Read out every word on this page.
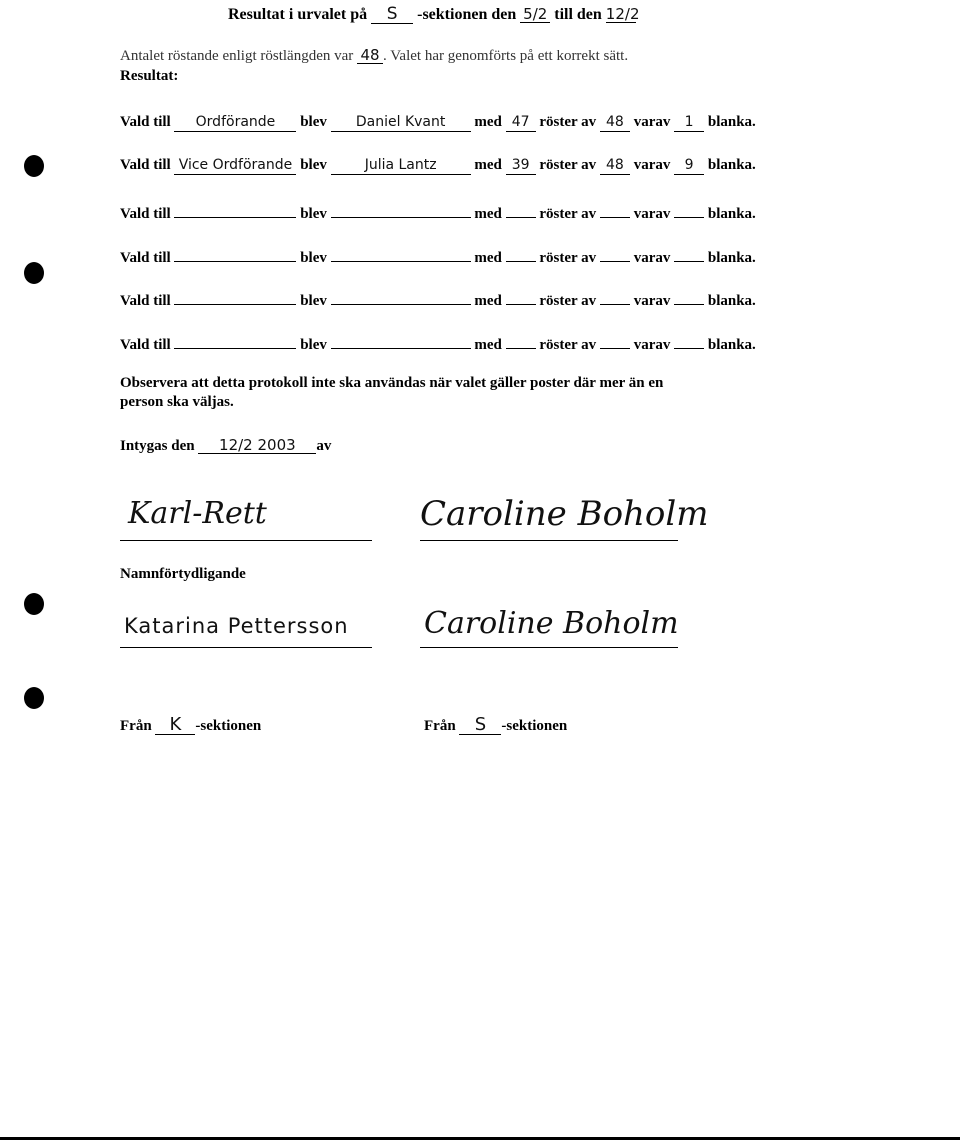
Resultat i urvalet på S -sektionen den 5/2 till den 12/2
Antalet röstande enligt röstlängden var 48 . Valet har genomförts på ett korrekt sätt.
Resultat:
Vald till Ordförande blev Daniel Kvant med 47 röster av 48 varav 1 blanka.
Vald till Vice Ordförande blev	Julia Lantz	med 39 röster av 48 varav 9 blanka.
Vald till	blev	med	röster av	varav	blanka.
Vald till	blev	med	röster av	varav	blanka.
Vald till	blev	med	röster av	varav	blanka.
Vald till	blev	med	röster av	varav	blanka.
Observera att detta protokoll inte ska användas när valet gäller poster där mer än en
person ska väljas.
Intygas den 12/2 2003 av
Karl-Rett	Caroline Boholm
Namnförtydligande
Katarina Pettersson	Caroline Boholm
Från K -sektionen	Från S -sektionen
